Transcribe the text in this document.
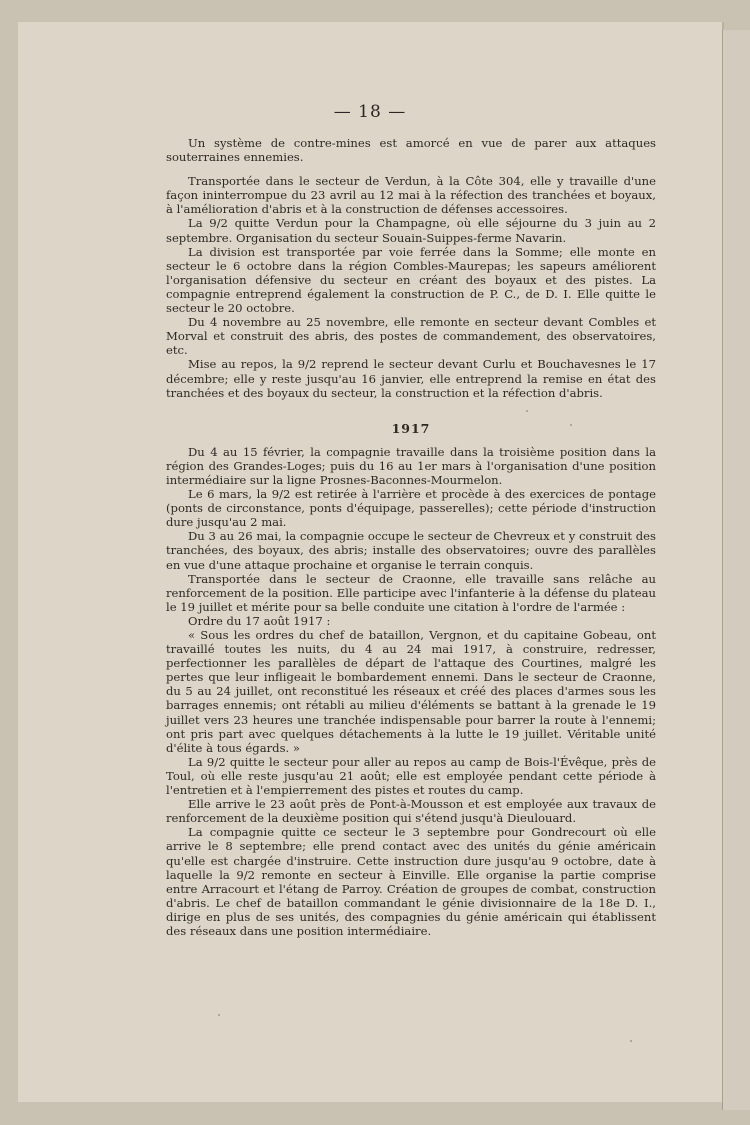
— 18 —

Un système de contre-mines est amorcé en vue de parer aux attaques souterraines ennemies.

Transportée dans le secteur de Verdun, à la Côte 304, elle y travaille d'une façon ininterrompue du 23 avril au 12 mai à la réfection des tranchées et boyaux, à l'amélioration d'abris et à la construction de défenses accessoires.

La 9/2 quitte Verdun pour la Champagne, où elle séjourne du 3 juin au 2 septembre. Organisation du secteur Souain-Suippes-ferme Navarin.

La division est transportée par voie ferrée dans la Somme; elle monte en secteur le 6 octobre dans la région Combles-Maurepas; les sapeurs améliorent l'organisation défensive du secteur en créant des boyaux et des pistes. La compagnie entreprend également la construction de P. C., de D. I. Elle quitte le secteur le 20 octobre.

Du 4 novembre au 25 novembre, elle remonte en secteur devant Combles et Morval et construit des abris, des postes de commandement, des observatoires, etc.

Mise au repos, la 9/2 reprend le secteur devant Curlu et Bouchavesnes le 17 décembre; elle y reste jusqu'au 16 janvier, elle entreprend la remise en état des tranchées et des boyaux du secteur, la construction et la réfection d'abris.

1917

Du 4 au 15 février, la compagnie travaille dans la troisième position dans la région des Grandes-Loges; puis du 16 au 1er mars à l'organisation d'une position intermédiaire sur la ligne Prosnes-Baconnes-Mourmelon.

Le 6 mars, la 9/2 est retirée à l'arrière et procède à des exercices de pontage (ponts de circonstance, ponts d'équipage, passerelles); cette période d'instruction dure jusqu'au 2 mai.

Du 3 au 26 mai, la compagnie occupe le secteur de Chevreux et y construit des tranchées, des boyaux, des abris; installe des observatoires; ouvre des parallèles en vue d'une attaque prochaine et organise le terrain conquis.

Transportée dans le secteur de Craonne, elle travaille sans relâche au renforcement de la position. Elle participe avec l'infanterie à la défense du plateau le 19 juillet et mérite pour sa belle conduite une citation à l'ordre de l'armée :

Ordre du 17 août 1917 :

« Sous les ordres du chef de bataillon, Vergnon, et du capitaine Gobeau, ont travaillé toutes les nuits, du 4 au 24 mai 1917, à construire, redresser, perfectionner les parallèles de départ de l'attaque des Courtines, malgré les pertes que leur infligeait le bombardement ennemi. Dans le secteur de Craonne, du 5 au 24 juillet, ont reconstitué les réseaux et créé des places d'armes sous les barrages ennemis; ont rétabli au milieu d'éléments se battant à la grenade le 19 juillet vers 23 heures une tranchée indispensable pour barrer la route à l'ennemi; ont pris part avec quelques détachements à la lutte le 19 juillet. Véritable unité d'élite à tous égards. »

La 9/2 quitte le secteur pour aller au repos au camp de Bois-l'Évêque, près de Toul, où elle reste jusqu'au 21 août; elle est employée pendant cette période à l'entretien et à l'empierrement des pistes et routes du camp.

Elle arrive le 23 août près de Pont-à-Mousson et est employée aux travaux de renforcement de la deuxième position qui s'étend jusqu'à Dieulouard.

La compagnie quitte ce secteur le 3 septembre pour Gondrecourt où elle arrive le 8 septembre; elle prend contact avec des unités du génie américain qu'elle est chargée d'instruire. Cette instruction dure jusqu'au 9 octobre, date à laquelle la 9/2 remonte en secteur à Einville. Elle organise la partie comprise entre Arracourt et l'étang de Parroy. Création de groupes de combat, construction d'abris. Le chef de bataillon commandant le génie divisionnaire de la 18e D. I., dirige en plus de ses unités, des compagnies du génie américain qui établissent des réseaux dans une position intermédiaire.
